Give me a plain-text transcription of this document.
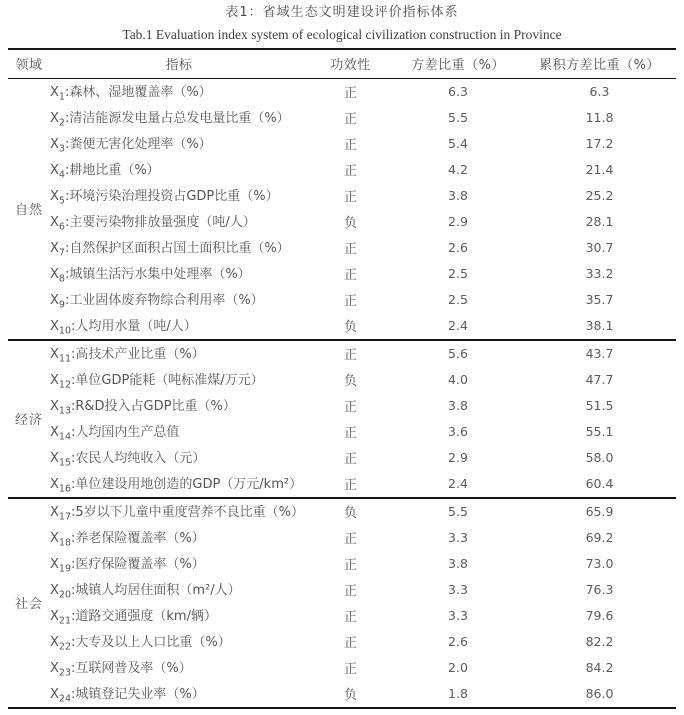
表1：省域生态文明建设评价指标体系
Tab.1 Evaluation index system of ecological civilization construction in Province
领域	指标	功效性	方差比重（%）	累积方差比重（%）
自然	$X_1$:森林、湿地覆盖率（%）	正	6.3	6.3
	$X_2$:清洁能源发电量占总发电量比重（%）	正	5.5	11.8
	$X_3$:粪便无害化处理率（%）	正	5.4	17.2
	$X_4$:耕地比重（%）	正	4.2	21.4
	$X_5$:环境污染治理投资占GDP比重（%）	正	3.8	25.2
	$X_6$:主要污染物排放量强度（吨/人）	负	2.9	28.1
	$X_7$:自然保护区面积占国土面积比重（%）	正	2.6	30.7
	$X_8$:城镇生活污水集中处理率（%）	正	2.5	33.2
	$X_9$:工业固体废弃物综合利用率（%）	正	2.5	35.7
	$X_{10}$:人均用水量（吨/人）	负	2.4	38.1
经济	$X_{11}$:高技术产业比重（%）	正	5.6	43.7
	$X_{12}$:单位GDP能耗（吨标准煤/万元）	负	4.0	47.7
	$X_{13}:R\&D$投入占GDP比重（%）	正	3.8	51.5
	$X_{14}$:人均国内生产总值	正	3.6	55.1
	$X_{15}$:农民人均纯收入（元）	正	2.9	58.0
	$X_{16}$:单位建设用地创造的GDP（万元/km²）	正	2.4	60.4
社会	$X_{17}:5$岁以下儿童中重度营养不良比重（%）	负	5.5	65.9
	$X_{18}$:养老保险覆盖率（%）	正	3.3	69.2
	$X_{19}$:医疗保险覆盖率（%）	正	3.8	73.0
	$X_{20}$:城镇人均居住面积（m²/人）	正	3.3	76.3
	$X_{21}$:道路交通强度（km/辆）	正	3.3	79.6
	$X_{22}$:大专及以上人口比重（%）	正	2.6	82.2
	$X_{23}$:互联网普及率（%）	正	2.0	84.2
	$X_{24}$:城镇登记失业率（%）	负	1.8	86.0
